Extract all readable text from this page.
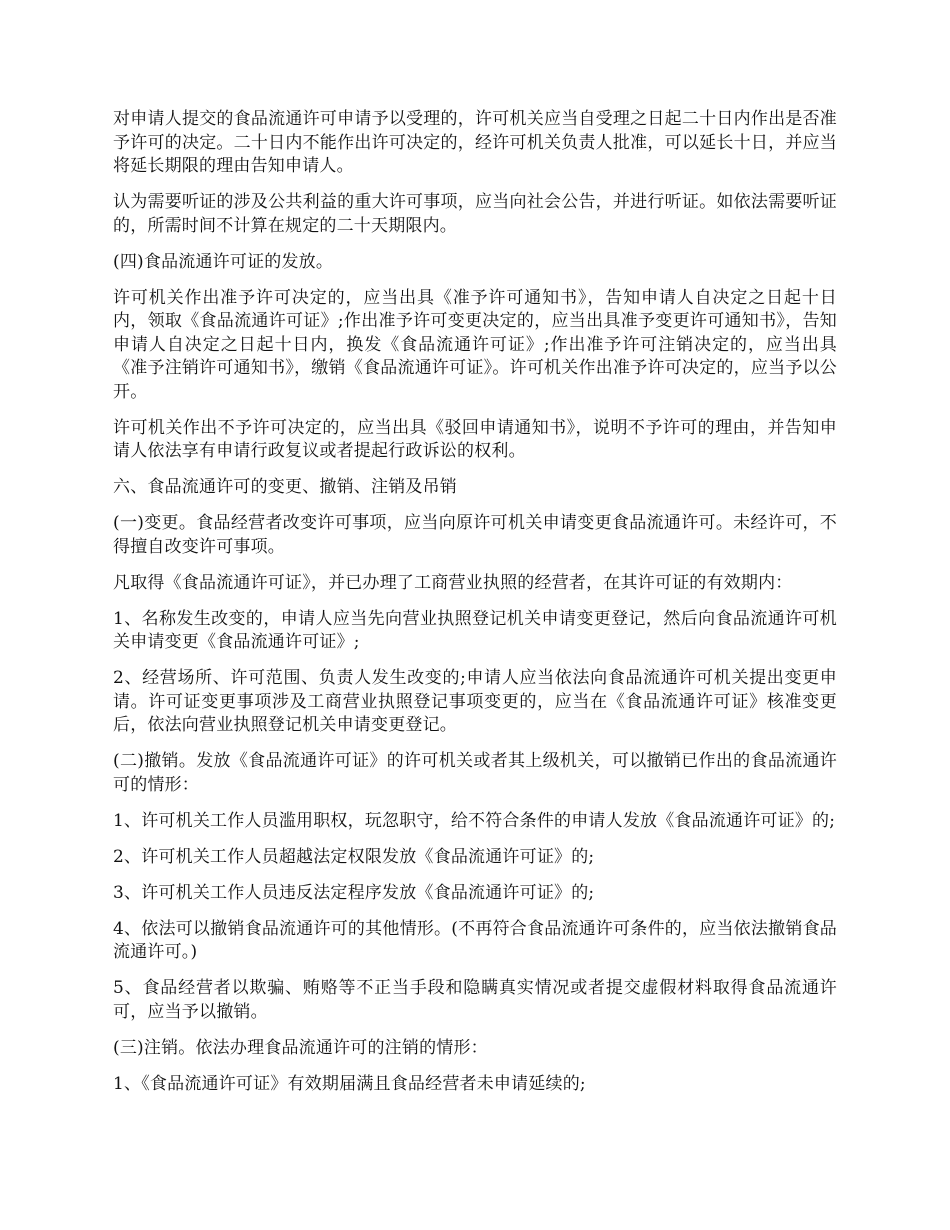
对申请人提交的食品流通许可申请予以受理的，许可机关应当自受理之日起二十日内作出是否准予许可的决定。二十日内不能作出许可决定的，经许可机关负责人批准，可以延长十日，并应当将延长期限的理由告知申请人。

认为需要听证的涉及公共利益的重大许可事项，应当向社会公告，并进行听证。如依法需要听证的，所需时间不计算在规定的二十天期限内。

(四)食品流通许可证的发放。

许可机关作出准予许可决定的，应当出具《准予许可通知书》，告知申请人自决定之日起十日内，领取《食品流通许可证》;作出准予许可变更决定的，应当出具准予变更许可通知书》，告知申请人自决定之日起十日内，换发《食品流通许可证》;作出准予许可注销决定的，应当出具《准予注销许可通知书》，缴销《食品流通许可证》。许可机关作出准予许可决定的，应当予以公开。

许可机关作出不予许可决定的，应当出具《驳回申请通知书》，说明不予许可的理由，并告知申请人依法享有申请行政复议或者提起行政诉讼的权利。

六、食品流通许可的变更、撤销、注销及吊销

(一)变更。食品经营者改变许可事项，应当向原许可机关申请变更食品流通许可。未经许可，不得擅自改变许可事项。

凡取得《食品流通许可证》，并已办理了工商营业执照的经营者，在其许可证的有效期内：

1、名称发生改变的，申请人应当先向营业执照登记机关申请变更登记，然后向食品流通许可机关申请变更《食品流通许可证》;

2、经营场所、许可范围、负责人发生改变的;申请人应当依法向食品流通许可机关提出变更申请。许可证变更事项涉及工商营业执照登记事项变更的，应当在《食品流通许可证》核准变更后，依法向营业执照登记机关申请变更登记。

(二)撤销。发放《食品流通许可证》的许可机关或者其上级机关，可以撤销已作出的食品流通许可的情形：

1、许可机关工作人员滥用职权，玩忽职守，给不符合条件的申请人发放《食品流通许可证》的;

2、许可机关工作人员超越法定权限发放《食品流通许可证》的;

3、许可机关工作人员违反法定程序发放《食品流通许可证》的;

4、依法可以撤销食品流通许可的其他情形。(不再符合食品流通许可条件的，应当依法撤销食品流通许可。)

5、食品经营者以欺骗、贿赂等不正当手段和隐瞒真实情况或者提交虚假材料取得食品流通许可，应当予以撤销。

(三)注销。依法办理食品流通许可的注销的情形：

1、《食品流通许可证》有效期届满且食品经营者未申请延续的;
